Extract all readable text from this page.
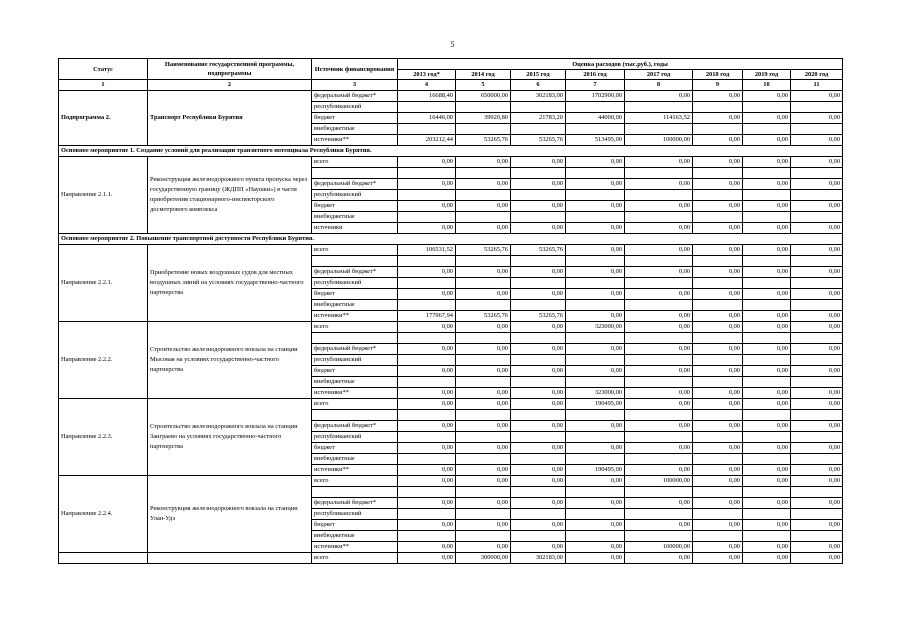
5
Статус	Наименование государственной программы, подпрограммы	Источник финансирования	Оценка расходов (тыс.руб.), годы							
			2013 год*	2014 год	2015 год	2016 год	2017 год	2018 год	2019 год	2020 год
1	2	3	4	5	6	7	8	9	10	11
Подпрограмма 2.	Транспорт Республики Бурятия	федеральный бюджет*	16688,40	650000,00	302183,00	1702900,00	0,00	0,00	0,00	0,00
		республиканский								
		бюджет	16446,00	39920,80	21783,20	44000,00	114163,52	0,00	0,00	0,00
		внебюджетные								
		источники**	203212,44	53265,76	53265,76	513495,00	100000,00	0,00	0,00	0,00
Основное мероприятие 1. Создание условий для реализации транзитного потенциала Республики Бурятия.										
Направление 2.1.1.	Реконструкция железнодорожного пункта пропуска через государственную границу (ЖДПП «Наушки») в части приобретения стационарного-инспекторского досмотрового комплекса	всего	0,00	0,00	0,00	0,00	0,00	0,00	0,00	0,00

		федеральный бюджет*	0,00	0,00	0,00	0,00	0,00	0,00	0,00	0,00
		республиканский								
		бюджет	0,00	0,00	0,00	0,00	0,00	0,00	0,00	0,00
		внебюджетные								
		источники	0,00	0,00	0,00	0,00	0,00	0,00	0,00	0,00
Основное мероприятие 2. Повышение транспортной доступности Республики Бурятия.										
Направление 2.2.1.	Приобретение новых воздушных судов для местных воздушных линий на условиях государственно-частного партнерства	всего	106531,52	53265,76	53265,76	0,00	0,00	0,00	0,00	0,00

		федеральный бюджет*	0,00	0,00	0,00	0,00	0,00	0,00	0,00	0,00
		республиканский								
		бюджет	0,00	0,00	0,00	0,00	0,00	0,00	0,00	0,00
		внебюджетные								
		источники**	177967,94	53265,76	53265,76	0,00	0,00	0,00	0,00	0,00
Направление 2.2.2.	Строительство железнодорожного вокзала на станции Мысовая на условиях государственно-частного партнерства	всего	0,00	0,00	0,00	323000,00	0,00	0,00	0,00	0,00

		федеральный бюджет*	0,00	0,00	0,00	0,00	0,00	0,00	0,00	0,00
		республиканский								
		бюджет	0,00	0,00	0,00	0,00	0,00	0,00	0,00	0,00
		внебюджетные								
		источники**	0,00	0,00	0,00	323000,00	0,00	0,00	0,00	0,00
Направление 2.2.3.	Строительство железнодорожного вокзала на станции Заиграево на условиях государственно-частного партнерства	всего	0,00	0,00	0,00	190495,00	0,00	0,00	0,00	0,00

		федеральный бюджет*	0,00	0,00	0,00	0,00	0,00	0,00	0,00	0,00
		республиканский								
		бюджет	0,00	0,00	0,00	0,00	0,00	0,00	0,00	0,00
		внебюджетные								
		источники**	0,00	0,00	0,00	190495,00	0,00	0,00	0,00	0,00
Направление 2.2.4.	Реконструкция железнодорожного вокзала на станции Улан-Удэ	всего	0,00	0,00	0,00	0,00	100000,00	0,00	0,00	0,00

		федеральный бюджет*	0,00	0,00	0,00	0,00	0,00	0,00	0,00	0,00
		республиканский								
		бюджет	0,00	0,00	0,00	0,00	0,00	0,00	0,00	0,00
		внебюджетные								
		источники**	0,00	0,00	0,00	0,00	100000,00	0,00	0,00	0,00
		всего	0,00	300000,00	302183,00	0,00	0,00	0,00	0,00	0,00
